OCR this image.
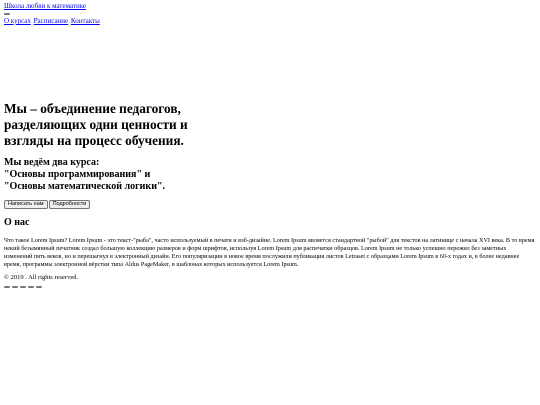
Школа любви к математике
О курсах Расписание Контакты
Мы – объединение педагогов, разделяющих одни ценности и взгляды на процесс обучения.
Мы ведём два курса:
"Основы программирования" и
"Основы математической логики".
Написать нам	Подробности
О нас

Что такое Lorem Ipsum? Lorem Ipsum - это текст-"рыба", часто используемый в печати и вэб-дизайне. Lorem Ipsum является стандартной "рыбой" для текстов на латинице с начала XVI века. В то время некий безымянный печатник создал большую коллекцию размеров и форм шрифтов, используя Lorem Ipsum для распечатки образцов. Lorem Ipsum не только успешно пережил без заметных изменений пять веков, но и перешагнул в электронный дизайн. Его популяризации в новое время послужили публикация листов Letraset с образцами Lorem Ipsum в 60-х годах и, в более недавнее время, программы электронной вёрстки типа Aldus PageMaker, в шаблонах которых используется Lorem Ipsum.

© 2019 . All rights reserved.
